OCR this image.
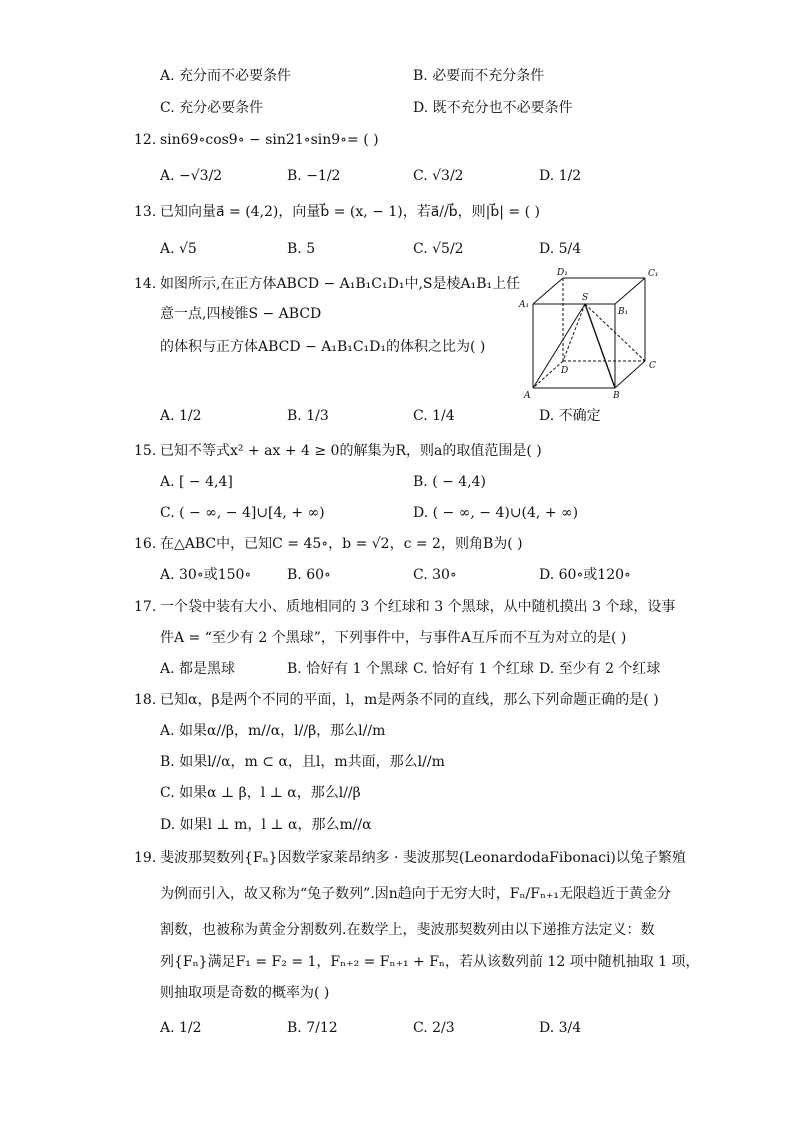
A. 充分而不必要条件	B. 必要而不充分条件
C. 充分必要条件	D. 既不充分也不必要条件
12. sin69∘cos9∘ − sin21∘sin9∘= ( )
A. −√3/2	B. −1/2	C. √3/2	D. 1/2
13. 已知向量a⃗ = (4,2)，向量b⃗ = (x, − 1)，若a⃗//b⃗，则|b⃗| = ( )
A. √5	B. 5	C. √5/2	D. 5/4
14. 如图所示,在正方体ABCD − A₁B₁C₁D₁中,S是棱A₁B₁上任
意一点,四棱锥S − ABCD
的体积与正方体ABCD − A₁B₁C₁D₁的体积之比为( )
D₁	C₁
A₁
S
B₁
D	C
A	B
A. 1/2	B. 1/3	C. 1/4	D. 不确定
15. 已知不等式x² + ax + 4 ≥ 0的解集为R，则a的取值范围是( )
A. [ − 4,4]	B. ( − 4,4)
C. ( − ∞, − 4]∪[4, + ∞)	D. ( − ∞, − 4)∪(4, + ∞)
16. 在△ABC中，已知C = 45∘，b = √2，c = 2，则角B为( )
A. 30∘或150∘	B. 60∘	C. 30∘	D. 60∘或120∘
17. 一个袋中装有大小、质地相同的 3 个红球和 3 个黑球，从中随机摸出 3 个球，设事
件A = “至少有 2 个黑球”，下列事件中，与事件A互斥而不互为对立的是( )
A. 都是黑球	B. 恰好有 1 个黑球 C. 恰好有 1 个红球 D. 至少有 2 个红球
18. 已知α，β是两个不同的平面，l，m是两条不同的直线，那么下列命题正确的是( )
A. 如果α//β，m//α，l//β，那么l//m
B. 如果l//α，m ⊂ α，且l，m共面，那么l//m
C. 如果α ⊥ β，l ⊥ α，那么l//β
D. 如果l ⊥ m，l ⊥ α，那么m//α
19. 斐波那契数列{Fₙ}因数学家莱昂纳多 · 斐波那契(LeonardodaFibonaci)以兔子繁殖
为例而引入，故又称为“兔子数列”.因n趋向于无穷大时，Fₙ/Fₙ₊₁无限趋近于黄金分
割数，也被称为黄金分割数列.在数学上，斐波那契数列由以下递推方法定义：数
列{Fₙ}满足F₁ = F₂ = 1，Fₙ₊₂ = Fₙ₊₁ + Fₙ，若从该数列前 12 项中随机抽取 1 项，
则抽取项是奇数的概率为( )
A. 1/2	B. 7/12	C. 2/3	D. 3/4
